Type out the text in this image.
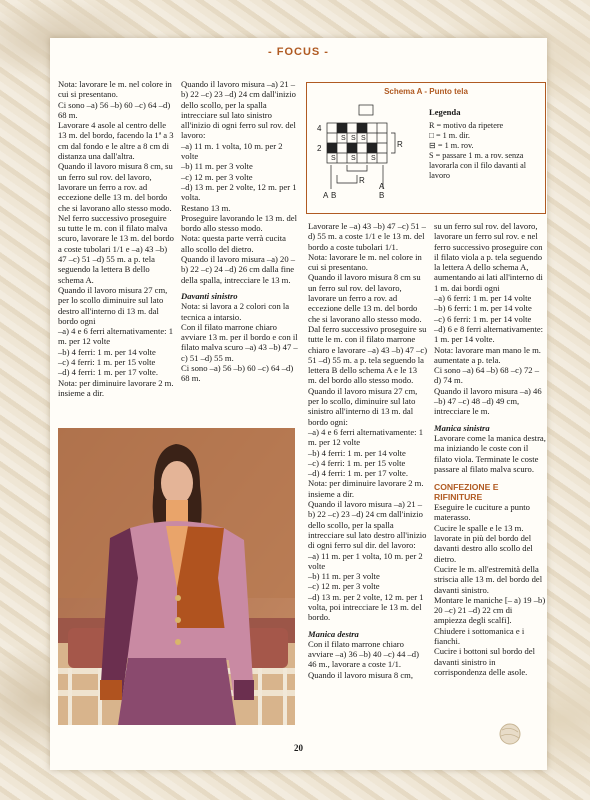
- FOCUS -

Nota: lavorare le m. nel colore in cui si presentano.

Ci sono –a) 56 –b) 60 –c) 64 –d) 68 m.

Lavorare 4 asole al centro delle 13 m. del bordo, facendo la 1ª a 3 cm dal fondo e le altre a 8 cm di distanza una dall'altra.

Quando il lavoro misura 8 cm, su un ferro sul rov. del lavoro, lavorare un ferro a rov. ad eccezione delle 13 m. del bordo che si lavorano allo stesso modo.

Nel ferro successivo proseguire su tutte le m. con il filato malva scuro, lavorare le 13 m. del bordo a coste tubolari 1/1 e –a) 43 –b) 47 –c) 51 –d) 55 m. a p. tela seguendo la lettera B dello schema A.

Quando il lavoro misura 27 cm, per lo scollo diminuire sul lato destro all'interno di 13 m. dal bordo ogni

–a) 4 e 6 ferri alternativamente: 1 m. per 12 volte

–b) 4 ferri: 1 m. per 14 volte

–c) 4 ferri: 1 m. per 15 volte

–d) 4 ferri: 1 m. per 17 volte.

Nota: per diminuire lavorare 2 m. insieme a dir.

Quando il lavoro misura –a) 21 –b) 22 –c) 23 –d) 24 cm dall'inizio dello scollo, per la spalla intrecciare sul lato sinistro all'inizio di ogni ferro sul rov. del lavoro:

–a) 11 m. 1 volta, 10 m. per 2 volte

–b) 11 m. per 3 volte

–c) 12 m. per 3 volte

–d) 13 m. per 2 volte, 12 m. per 1 volta.

Restano 13 m.

Proseguire lavorando le 13 m. del bordo allo stesso modo.

Nota: questa parte verrà cucita allo scollo del dietro.

Quando il lavoro misura –a) 20 –b) 22 –c) 24 –d) 26 cm dalla fine della spalla, intrecciare le 13 m.

Davanti sinistro

Nota: si lavora a 2 colori con la tecnica a intarsio.

Con il filato marrone chiaro avviare 13 m. per il bordo e con il filato malva scuro –a) 43 –b) 47 –c) 51 –d) 55 m.

Ci sono –a) 56 –b) 60 –c) 64 –d) 68 m.

Schema A - Punto tela
S S S
S S S
4
2	R
A B
R
B
A

Legenda

R = motivo da ripetere

□ = 1 m. dir.

⊟ = 1 m. rov.

S = passare 1 m. a rov. senza lavorarla con il filo davanti al lavoro

Lavorare le –a) 43 –b) 47 –c) 51 –d) 55 m. a coste 1/1 e le 13 m. del bordo a coste tubolari 1/1.

Nota: lavorare le m. nel colore in cui si presentano.

Quando il lavoro misura 8 cm su un ferro sul rov. del lavoro, lavorare un ferro a rov. ad eccezione delle 13 m. del bordo che si lavorano allo stesso modo.

Dal ferro successivo proseguire su tutte le m. con il filato marrone chiaro e lavorare –a) 43 –b) 47 –c) 51 –d) 55 m. a p. tela seguendo la lettera B dello schema A e le 13 m. del bordo allo stesso modo.

Quando il lavoro misura 27 cm, per lo scollo, diminuire sul lato sinistro all'interno di 13 m. dal bordo ogni:

–a) 4 e 6 ferri alternativamente: 1 m. per 12 volte

–b) 4 ferri: 1 m. per 14 volte

–c) 4 ferri: 1 m. per 15 volte

–d) 4 ferri: 1 m. per 17 volte.

Nota: per diminuire lavorare 2 m. insieme a dir.

Quando il lavoro misura –a) 21 –b) 22 –c) 23 –d) 24 cm dall'inizio dello scollo, per la spalla intrecciare sul lato destro all'inizio di ogni ferro sul dir. del lavoro:

–a) 11 m. per 1 volta, 10 m. per 2 volte

–b) 11 m. per 3 volte

–c) 12 m. per 3 volte

–d) 13 m. per 2 volte, 12 m. per 1 volta, poi intrecciare le 13 m. del bordo.

Manica destra

Con il filato marrone chiaro avviare –a) 36 –b) 40 –c) 44 –d) 46 m., lavorare a coste 1/1.

Quando il lavoro misura 8 cm,

su un ferro sul rov. del lavoro, lavorare un ferro sul rov. e nel ferro successivo proseguire con il filato viola a p. tela seguendo la lettera A dello schema A, aumentando ai lati all'interno di 1 m. dai bordi ogni

–a) 6 ferri: 1 m. per 14 volte

–b) 6 ferri: 1 m. per 14 volte

–c) 6 ferri: 1 m. per 14 volte

–d) 6 e 8 ferri alternativamente: 1 m. per 14 volte.

Nota: lavorare man mano le m. aumentate a p. tela.

Ci sono –a) 64 –b) 68 –c) 72 –d) 74 m.

Quando il lavoro misura –a) 46 –b) 47 –c) 48 –d) 49 cm, intrecciare le m.

Manica sinistra

Lavorare come la manica destra, ma iniziando le coste con il filato viola. Terminate le coste passare al filato malva scuro.

CONFEZIONE E RIFINITURE

Eseguire le cuciture a punto materasso.

Cucire le spalle e le 13 m. lavorate in più del bordo del davanti destro allo scollo del dietro.

Cucire le m. all'estremità della striscia alle 13 m. del bordo del davanti sinistro.

Montare le maniche [– a) 19 –b) 20 –c) 21 –d) 22 cm di ampiezza degli scalfi].

Chiudere i sottomanica e i fianchi.

Cucire i bottoni sul bordo del davanti sinistro in corrispondenza delle asole.

20
